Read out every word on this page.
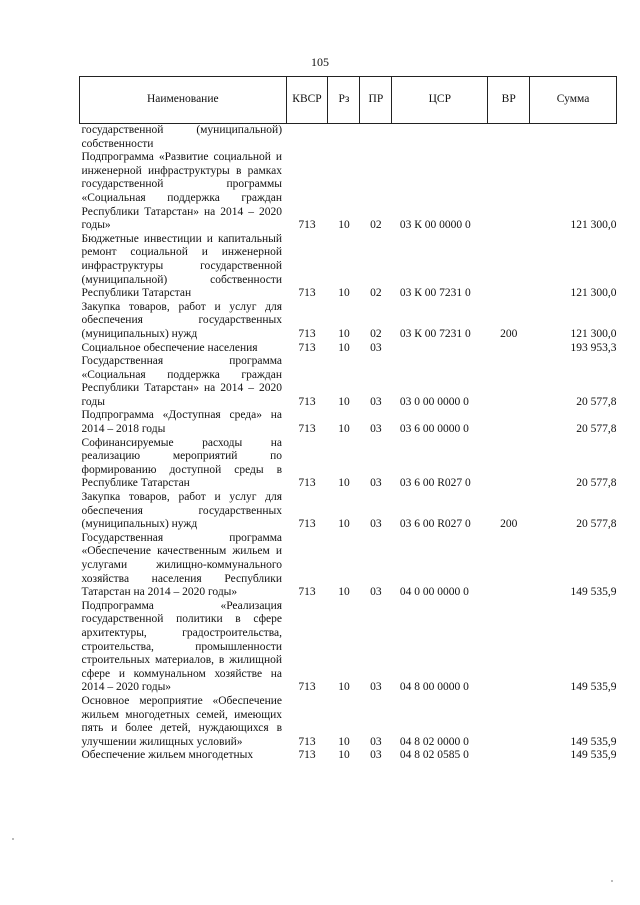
105
Наименование	КВСР	Рз	ПР	ЦСР	ВР	Сумма
государственной (муниципальной) собственности						
Подпрограмма «Развитие социальной и инженерной инфраструктуры в рамках государственной программы «Социальная поддержка граждан Республики Татарстан» на 2014 – 2020 годы»	713	10	02	03 К 00 0000 0		121 300,0
Бюджетные инвестиции и капитальный ремонт социальной и инженерной инфраструктуры государственной (муниципальной) собственности Республики Татарстан	713	10	02	03 К 00 7231 0		121 300,0
Закупка товаров, работ и услуг для обеспечения государственных (муниципальных) нужд	713	10	02	03 К 00 7231 0	200	121 300,0
Социальное обеспечение населения	713	10	03			193 953,3
Государственная программа «Социальная поддержка граждан Республики Татарстан» на 2014 – 2020 годы	713	10	03	03 0 00 0000 0		20 577,8
Подпрограмма «Доступная среда» на 2014 – 2018 годы	713	10	03	03 6 00 0000 0		20 577,8
Софинансируемые расходы на реализацию мероприятий по формированию доступной среды в Республике Татарстан	713	10	03	03 6 00 R027 0		20 577,8
Закупка товаров, работ и услуг для обеспечения государственных (муниципальных) нужд	713	10	03	03 6 00 R027 0	200	20 577,8
Государственная программа «Обеспечение качественным жильем и услугами жилищно-коммунального хозяйства населения Республики Татарстан на 2014 – 2020 годы»	713	10	03	04 0 00 0000 0		149 535,9
Подпрограмма «Реализация государственной политики в сфере архитектуры, градостроительства, строительства, промышленности строительных материалов, в жилищной сфере и коммунальном хозяйстве на 2014 – 2020 годы»	713	10	03	04 8 00 0000 0		149 535,9
Основное мероприятие «Обеспечение жильем многодетных семей, имеющих пять и более детей, нуждающихся в улучшении жилищных условий»	713	10	03	04 8 02 0000 0		149 535,9
Обеспечение жильем многодетных	713	10	03	04 8 02 0585 0		149 535,9
